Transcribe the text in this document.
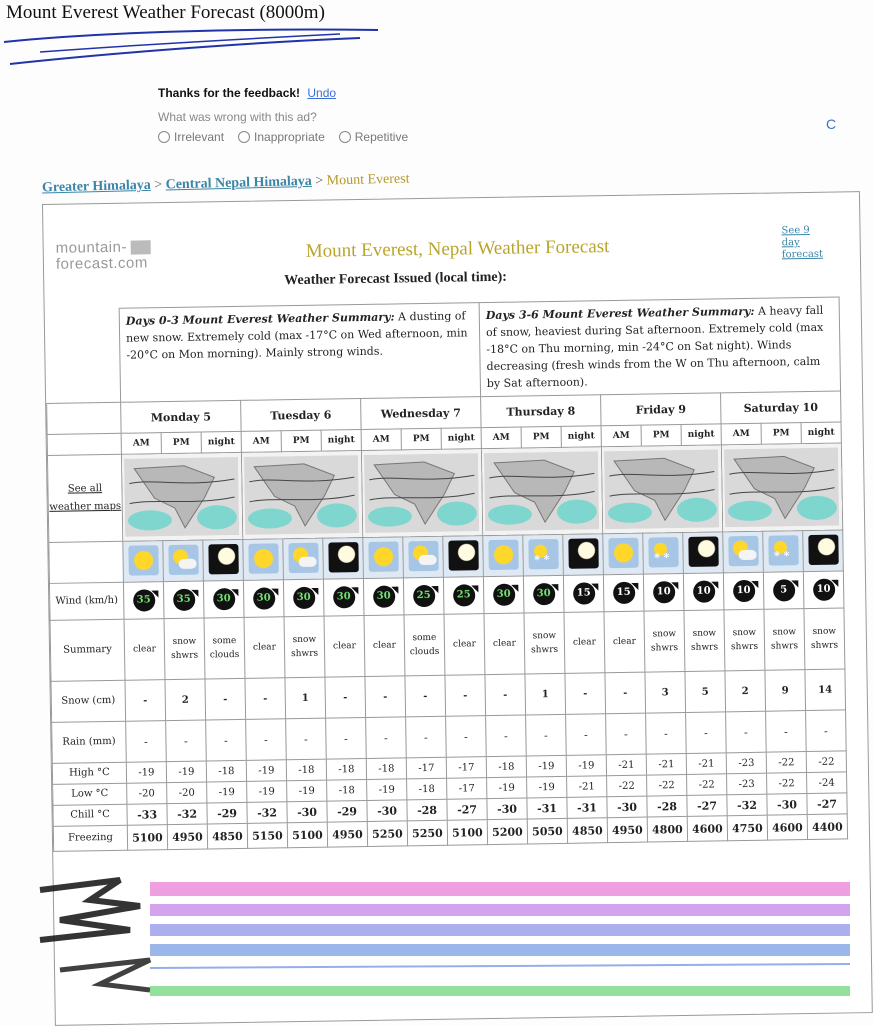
Mount Everest Weather Forecast (8000m)
Thanks for the feedback! Undo
What was wrong with this ad?
Irrelevant	Inappropriate	Repetitive
C
Greater Himalaya > Central Nepal Himalaya > Mount Everest
mountain-
forecast.com
Mount Everest, Nepal Weather Forecast
See 9 day forecast
Weather Forecast Issued (local time):
	Days 0-3 Mount Everest Weather Summary: A dusting of new snow. Extremely cold (max -17°C on Wed afternoon, min -20°C on Mon morning). Mainly strong winds.									Days 3-6 Mount Everest Weather Summary: A heavy fall of snow, heaviest during Sat afternoon. Extremely cold (max -18°C on Thu morning, min -24°C on Sat night). Winds decreasing (fresh winds from the W on Thu afternoon, calm by Sat afternoon).								
	Monday 5			Tuesday 6			Wednesday 7			Thursday 8			Friday 9			Saturday 10		
	AM	PM	night	AM	PM	night	AM	PM	night	AM	PM	night	AM	PM	night	AM	PM	night
See all weather maps	

											* *			* *			* *	
Wind (km/h)	35	35	30	30	30	30	30	25	25	30	30	15	15	10	10	10	5	10
Summary	clear	snow shwrs	some clouds	clear	snow shwrs	clear	clear	some clouds	clear	clear	snow shwrs	clear	clear	snow shwrs	snow shwrs	snow shwrs	snow shwrs	snow shwrs
Snow (cm)	-	2	-	-	1	-	-	-	-	-	1	-	-	3	5	2	9	14
Rain (mm)	-	-	-	-	-	-	-	-	-	-	-	-	-	-	-	-	-	-
High °C	-19	-19	-18	-19	-18	-18	-18	-17	-17	-18	-19	-19	-21	-21	-21	-23	-22	-22
Low °C	-20	-20	-19	-19	-19	-18	-19	-18	-17	-19	-19	-21	-22	-22	-22	-23	-22	-24
Chill °C	-33	-32	-29	-32	-30	-29	-30	-28	-27	-30	-31	-31	-30	-28	-27	-32	-30	-27
Freezing	5100	4950	4850	5150	5100	4950	5250	5250	5100	5200	5050	4850	4950	4800	4600	4750	4600	4400
